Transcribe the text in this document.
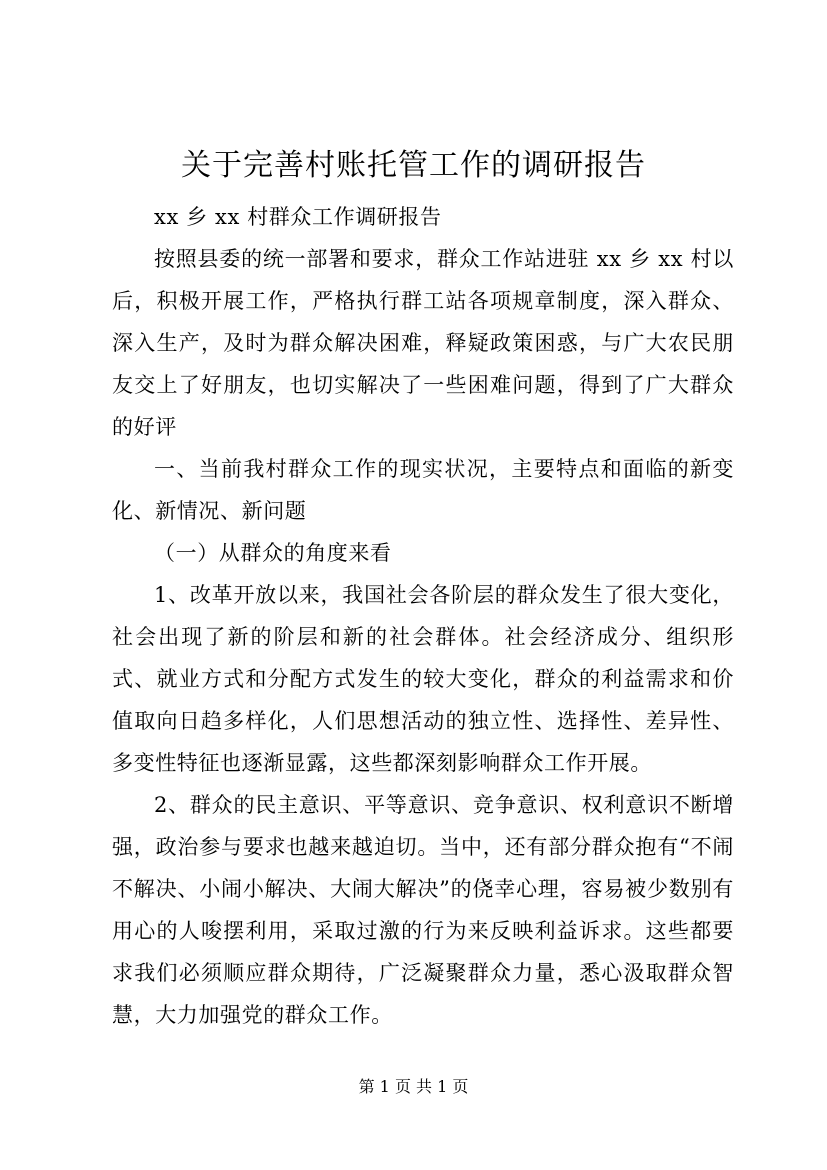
关于完善村账托管工作的调研报告

xx 乡 xx 村群众工作调研报告

按照县委的统一部署和要求，群众工作站进驻 xx 乡 xx 村以后，积极开展工作，严格执行群工站各项规章制度，深入群众、深入生产，及时为群众解决困难，释疑政策困惑，与广大农民朋友交上了好朋友，也切实解决了一些困难问题，得到了广大群众的好评

一、当前我村群众工作的现实状况，主要特点和面临的新变化、新情况、新问题

（一）从群众的角度来看

1、改革开放以来，我国社会各阶层的群众发生了很大变化，社会出现了新的阶层和新的社会群体。社会经济成分、组织形式、就业方式和分配方式发生的较大变化，群众的利益需求和价值取向日趋多样化，人们思想活动的独立性、选择性、差异性、多变性特征也逐渐显露，这些都深刻影响群众工作开展。

2、群众的民主意识、平等意识、竞争意识、权利意识不断增强，政治参与要求也越来越迫切。当中，还有部分群众抱有“不闹不解决、小闹小解决、大闹大解决”的侥幸心理，容易被少数别有用心的人唆摆利用，采取过激的行为来反映利益诉求。这些都要求我们必须顺应群众期待，广泛凝聚群众力量，悉心汲取群众智慧，大力加强党的群众工作。

第 1 页 共 1 页
